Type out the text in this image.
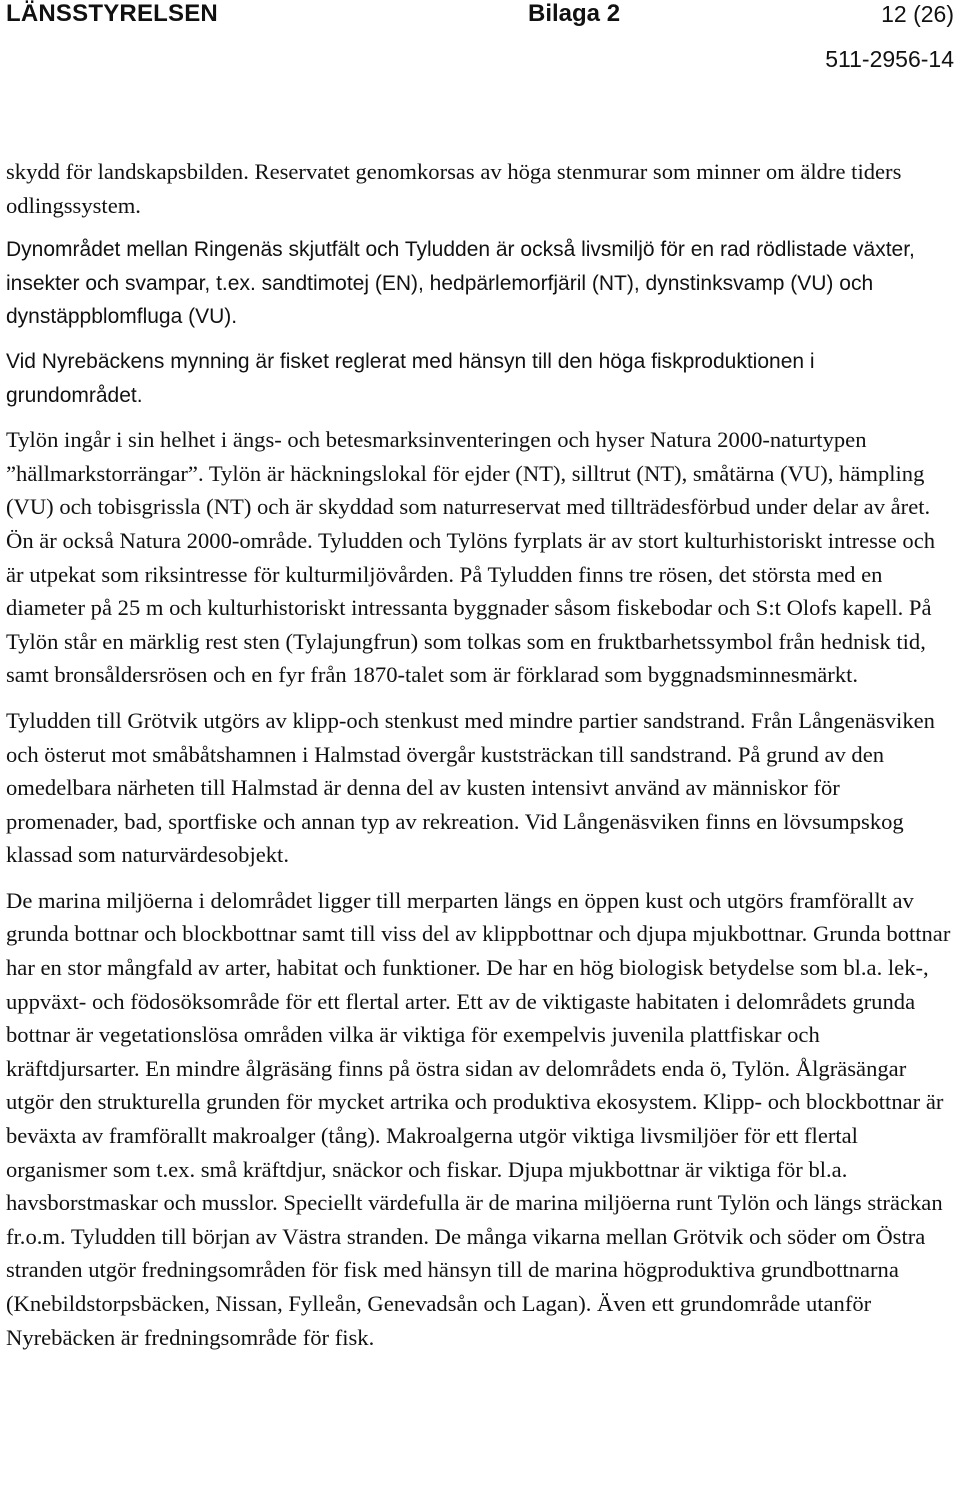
LÄNSSTYRELSEN	Bilaga 2	12 (26)
511-2956-14

skydd för landskapsbilden. Reservatet genomkorsas av höga stenmurar som minner om äldre tiders odlingssystem.

Dynområdet mellan Ringenäs skjutfält och Tyludden är också livsmiljö för en rad rödlistade växter, insekter och svampar, t.ex. sandtimotej (EN), hedpärlemorfjäril (NT), dynstinksvamp (VU) och dynstäppblomfluga (VU).

Vid Nyrebäckens mynning är fisket reglerat med hänsyn till den höga fiskproduktionen i grundområdet.

Tylön ingår i sin helhet i ängs- och betesmarksinventeringen och hyser Natura 2000-naturtypen ”hällmarkstorrängar”. Tylön är häckningslokal för ejder (NT), silltrut (NT), småtärna (VU), hämpling (VU) och tobisgrissla (NT) och är skyddad som naturreservat med tillträdesförbud under delar av året. Ön är också Natura 2000-område. Tyludden och Tylöns fyrplats är av stort kulturhistoriskt intresse och är utpekat som riksintresse för kulturmiljövården. På Tyludden finns tre rösen, det största med en diameter på 25 m och kulturhistoriskt intressanta byggnader såsom fiskebodar och S:t Olofs kapell. På Tylön står en märklig rest sten (Tylajungfrun) som tolkas som en fruktbarhetssymbol från hednisk tid, samt bronsåldersrösen och en fyr från 1870-talet som är förklarad som byggnadsminnesmärkt.

Tyludden till Grötvik utgörs av klipp-och stenkust med mindre partier sandstrand. Från Långenäsviken och österut mot småbåtshamnen i Halmstad övergår kuststräckan till sandstrand. På grund av den omedelbara närheten till Halmstad är denna del av kusten intensivt använd av människor för promenader, bad, sportfiske och annan typ av rekreation. Vid Långenäsviken finns en lövsumpskog klassad som naturvärdesobjekt.

De marina miljöerna i delområdet ligger till merparten längs en öppen kust och utgörs framförallt av grunda bottnar och blockbottnar samt till viss del av klippbottnar och djupa mjukbottnar. Grunda bottnar har en stor mångfald av arter, habitat och funktioner. De har en hög biologisk betydelse som bl.a. lek-, uppväxt- och födosöksområde för ett flertal arter. Ett av de viktigaste habitaten i delområdets grunda bottnar är vegetationslösa områden vilka är viktiga för exempelvis juvenila plattfiskar och kräftdjursarter. En mindre ålgräsäng finns på östra sidan av delområdets enda ö, Tylön. Ålgräsängar utgör den strukturella grunden för mycket artrika och produktiva ekosystem. Klipp- och blockbottnar är beväxta av framförallt makroalger (tång). Makroalgerna utgör viktiga livsmiljöer för ett flertal organismer som t.ex. små kräftdjur, snäckor och fiskar. Djupa mjukbottnar är viktiga för bl.a. havsborstmaskar och musslor. Speciellt värdefulla är de marina miljöerna runt Tylön och längs sträckan fr.o.m. Tyludden till början av Västra stranden. De många vikarna mellan Grötvik och söder om Östra stranden utgör fredningsområden för fisk med hänsyn till de marina högproduktiva grundbottnarna (Knebildstorpsbäcken, Nissan, Fylleån, Genevadsån och Lagan). Även ett grundområde utanför Nyrebäcken är fredningsområde för fisk.
